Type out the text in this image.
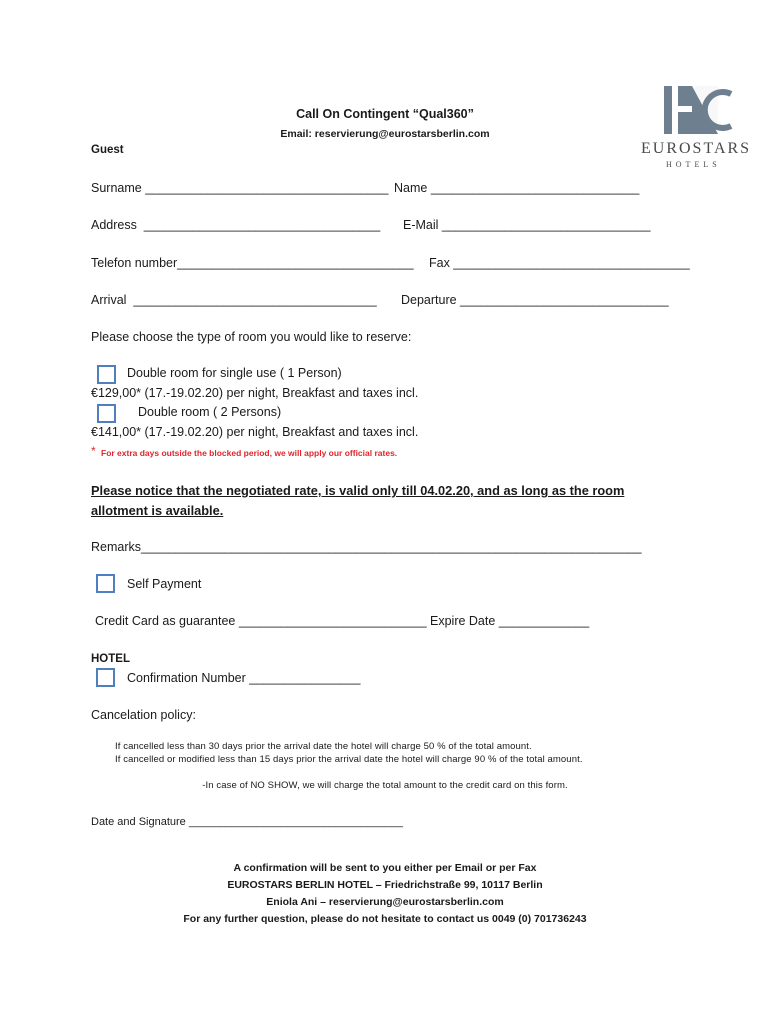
EUROSTARS
HOTELS
Call On Contingent “Qual360”
Email: reservierung@eurostarsberlin.com
Guest
Surname ___________________________________ Name ______________________________
Address  __________________________________ E-Mail ______________________________
Telefon number__________________________________ Fax __________________________________
Arrival  ___________________________________ Departure ______________________________
Please choose the type of room you would like to reserve:
Double room for single use ( 1 Person)
€129,00* (17.-19.02.20) per night, Breakfast and taxes incl.
Double room ( 2 Persons)
€141,00* (17.-19.02.20) per night, Breakfast and taxes incl.
* For extra days outside the blocked period, we will apply our official rates.
Please notice that the negotiated rate, is valid only till 04.02.20, and as long as the room
allotment is available.
Remarks________________________________________________________________________
Self Payment
Credit Card as guarantee ___________________________ Expire Date _____________
HOTEL
Confirmation Number ________________
Cancelation policy:
If cancelled less than 30 days prior the arrival date the hotel will charge 50 % of the total amount.
If cancelled or modified less than 15 days prior the arrival date the hotel will charge 90 % of the total amount.
-In case of NO SHOW, we will charge the total amount to the credit card on this form.
Date and Signature ___________________________________
A confirmation will be sent to you either per Email or per Fax
EUROSTARS BERLIN HOTEL – Friedrichstraße 99, 10117 Berlin
Eniola Ani – reservierung@eurostarsberlin.com
For any further question, please do not hesitate to contact us 0049 (0) 701736243
